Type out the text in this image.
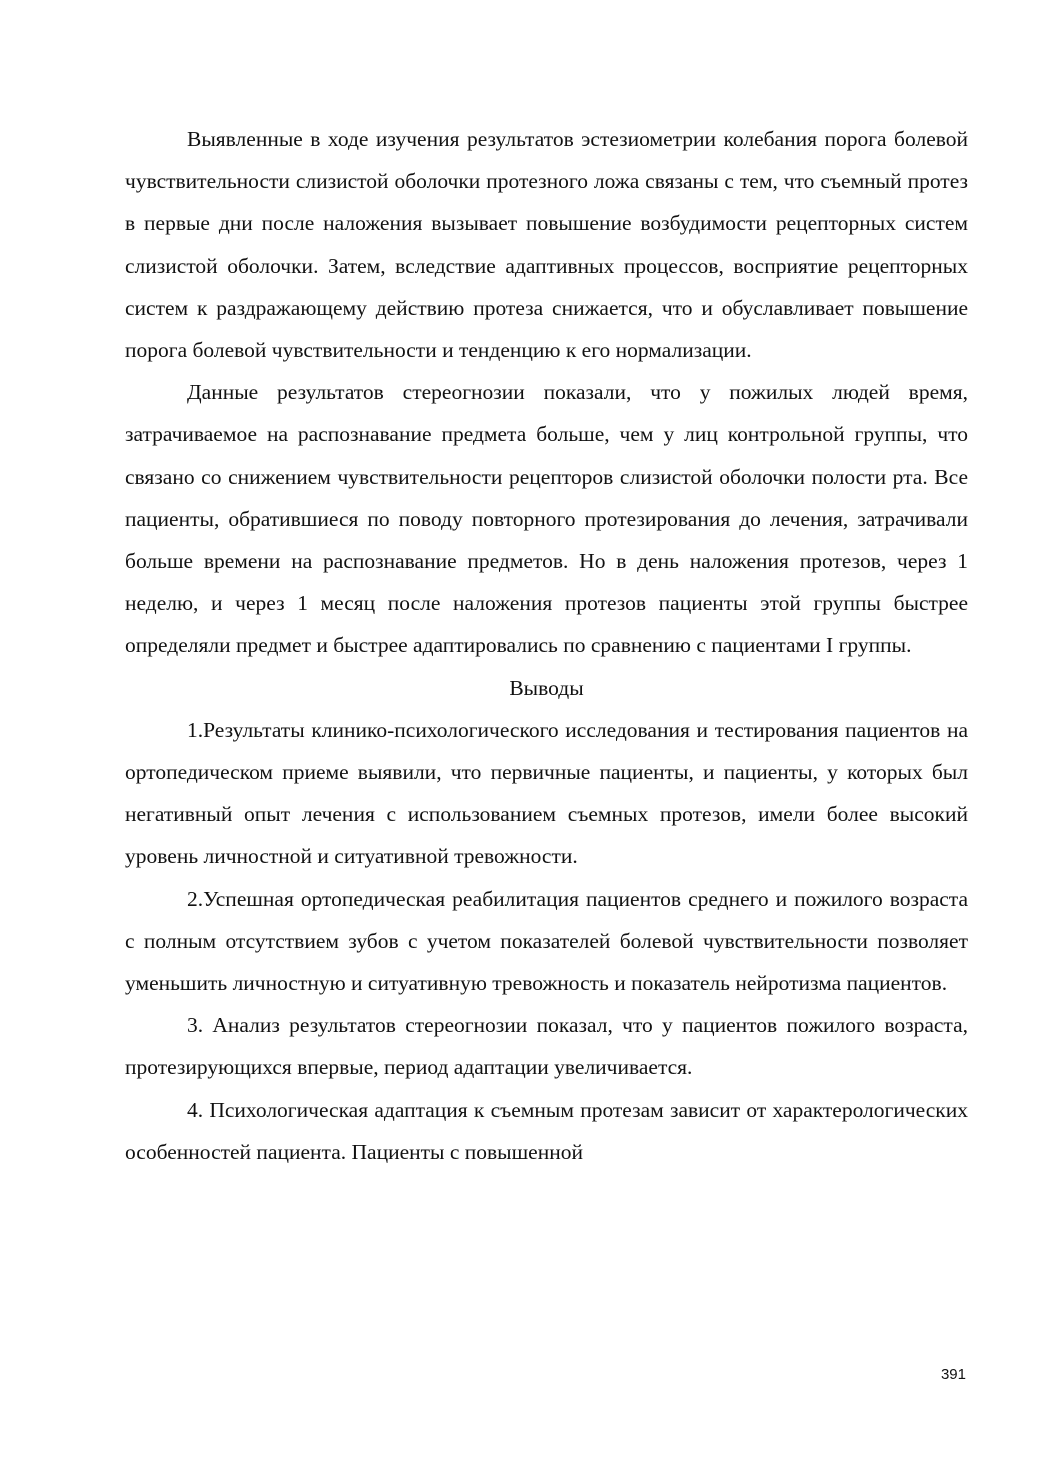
Выявленные в ходе изучения результатов эстезиометрии колебания порога болевой чувствительности слизистой оболочки протезного ложа связаны с тем, что съемный протез в первые дни после наложения вызывает повышение возбудимости рецепторных систем слизистой оболочки. Затем, вследствие адаптивных процессов, восприятие рецепторных систем к раздражающему действию протеза снижается, что и обуславливает повышение порога болевой чувствительности и тенденцию к его нормализации.

Данные результатов стереогнозии показали, что у пожилых людей время, затрачиваемое на распознавание предмета больше, чем у лиц контрольной группы, что связано со снижением чувствительности рецепторов слизистой оболочки полости рта. Все пациенты, обратившиеся по поводу повторного протезирования до лечения, затрачивали больше времени на распознавание предметов. Но в день наложения протезов, через 1 неделю, и через 1 месяц после наложения протезов пациенты этой группы быстрее определяли предмет и быстрее адаптировались по сравнению с пациентами I группы.

Выводы

1.Результаты клинико-психологического исследования и тестирования пациентов на ортопедическом приеме выявили, что первичные пациенты, и пациенты, у которых был негативный опыт лечения с использованием съемных протезов, имели более высокий уровень личностной и ситуативной тревожности.

2.Успешная ортопедическая реабилитация пациентов среднего и пожилого возраста с полным отсутствием зубов с учетом показателей болевой чувствительности позволяет уменьшить личностную и ситуативную тревожность и показатель нейротизма пациентов.

3. Анализ результатов стереогнозии показал, что у пациентов пожилого возраста, протезирующихся впервые, период адаптации увеличивается.

4. Психологическая адаптация к съемным протезам зависит от характерологических особенностей пациента. Пациенты с повышенной

391
